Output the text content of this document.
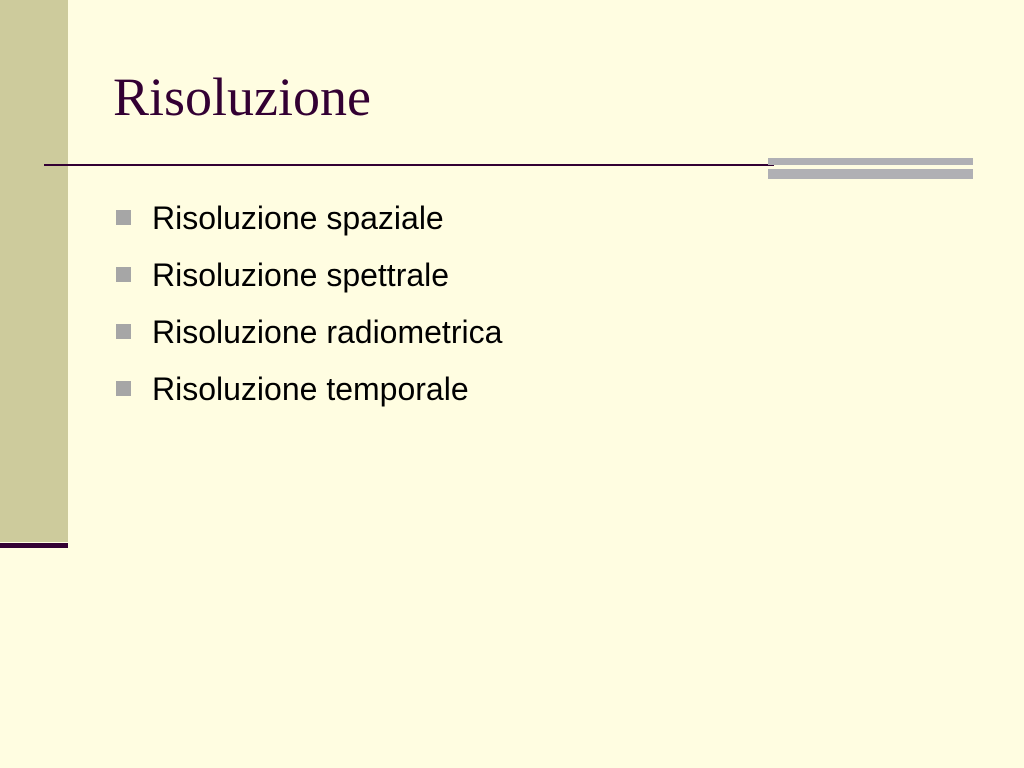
Risoluzione
Risoluzione spaziale
Risoluzione spettrale
Risoluzione radiometrica
Risoluzione temporale
